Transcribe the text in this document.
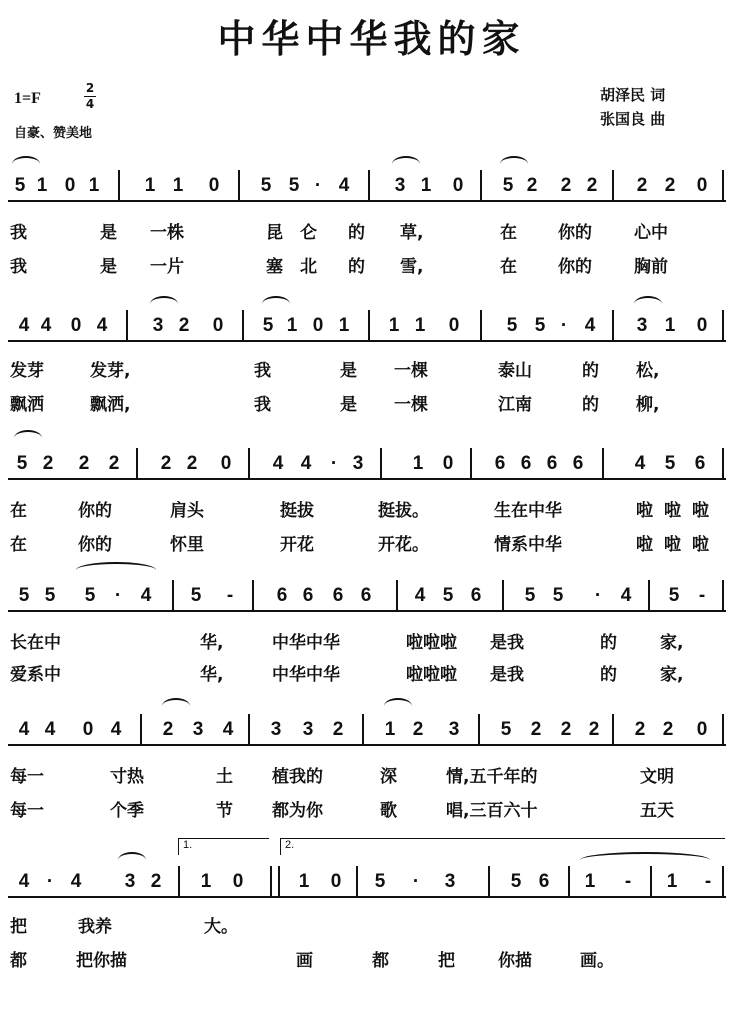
中华中华我的家
1=F
2
4
自豪、赞美地
胡泽民 词
张国良 曲
5 1 0 1 1 1 0 5 5 · 4 3 1 0 5 2 2 2 2 2 0
我	是 一株	昆 仑 的 草,	在 你的 心中
我	是 一片	塞 北 的 雪,	在 你的 胸前
4 4 0 4 3 2 0 5 1 0 1 1 1 0 5 5 · 4 3 1 0
发芽	发芽,	我	是 一棵	泰山	的 松,
飘洒	飘洒,	我	是 一棵	江南	的 柳,
5 2 2 2 2 2 0 4 4	· 3	1 0 6 6 6 6	4 5 6
在	你的	肩头	挺拔	挺拔。	生在中华	啦 啦 啦
在	你的	怀里	开花	开花。	情系中华	啦 啦 啦
5 5 5	·	4 5	-	6 6 6 6 4 5 6 5 5	·	4 5	-
长在中	华,	中华中华	啦啦啦 是我	的	家,
爱系中	华,	中华中华	啦啦啦 是我	的	家,
4 4 0 4 2 3 4 3 3 2 1 2 3 5 2 2 2 2 2 0
每一	寸热	土 植我的	深	情,五千年的	文明
每一	个季	节 都为你	歌	唱,三百六十	五天
1.	2.
4 · 4 3 2 1 0	1 0 5	·	3	5 6 1	-	1	-
把	我养	大。
都	把你描	画	都	把	你描	画。
